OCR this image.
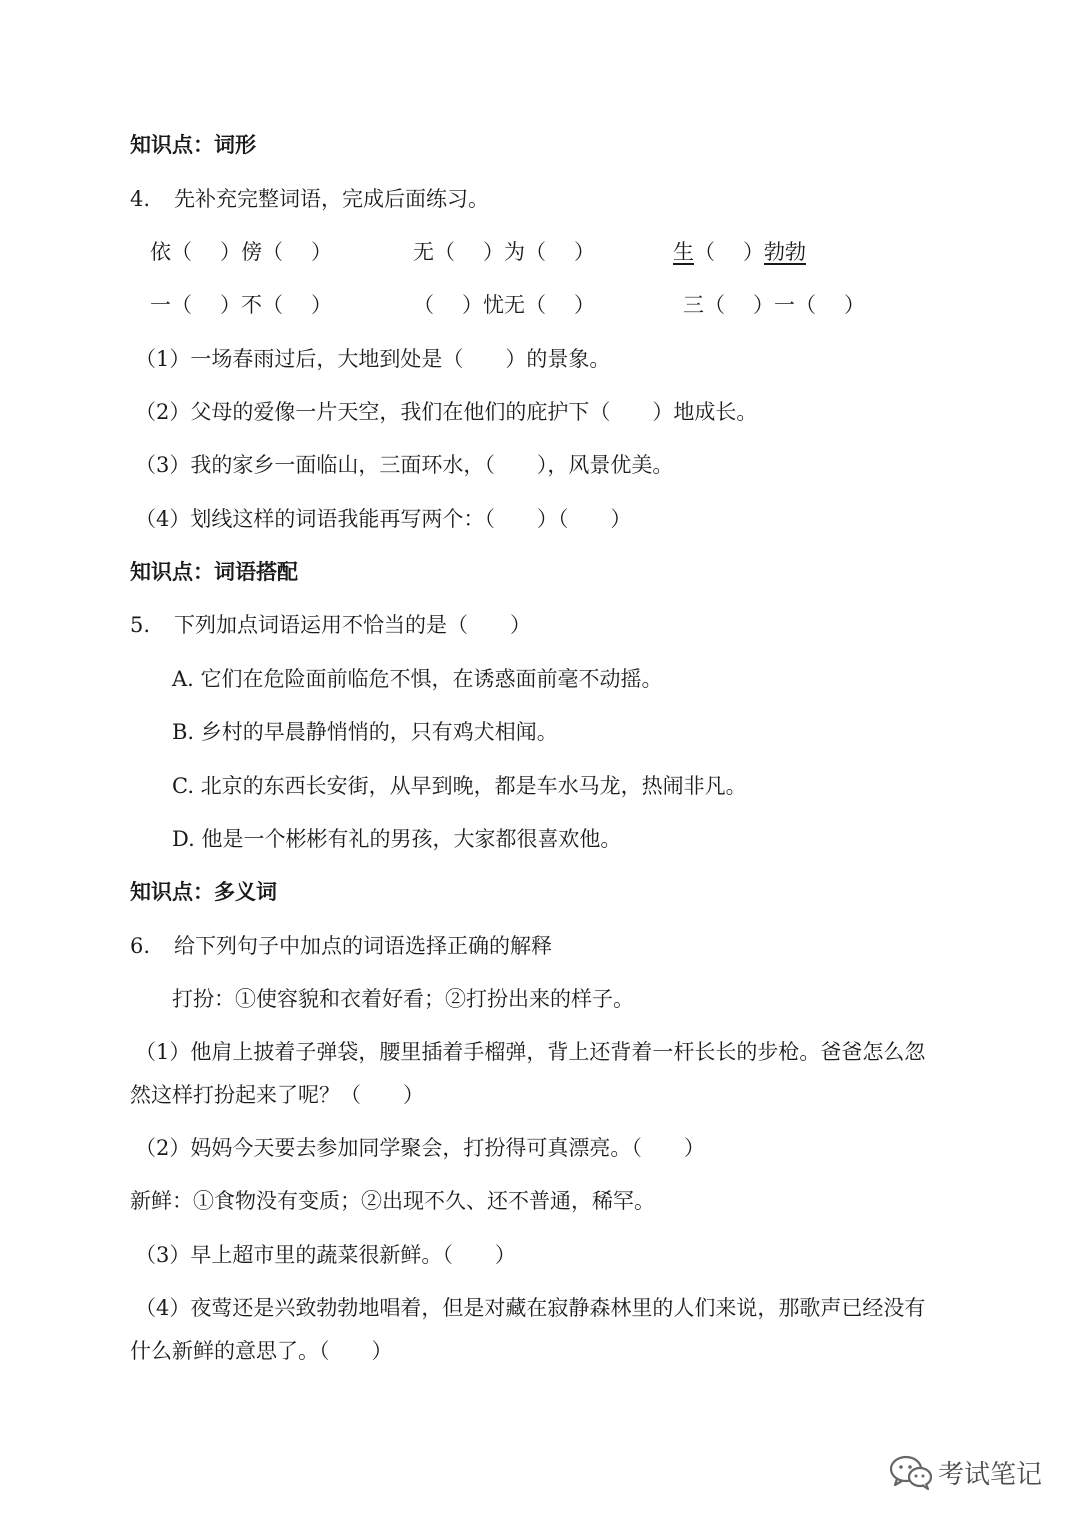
知识点：词形
4. 先补充完整词语，完成后面练习。
依（ ）傍（ ）	无（ ）为（ ）	生（ ）勃勃
一（ ）不（ ）	（ ）忧无（ ）	三（ ）一（ ）
（1）一场春雨过后，大地到处是（　　）的景象。
（2）父母的爱像一片天空，我们在他们的庇护下（　　）地成长。
（3）我的家乡一面临山，三面环水，（　　），风景优美。
（4）划线这样的词语我能再写两个：（　　）（　　）
知识点：词语搭配
5. 下列加点词语运用不恰当的是（　　）
A. 它们在危险面前临危不惧，在诱惑面前毫不动摇。
B. 乡村的早晨静悄悄的，只有鸡犬相闻。
C. 北京的东西长安街，从早到晚，都是车水马龙，热闹非凡。
D. 他是一个彬彬有礼的男孩，大家都很喜欢他。
知识点：多义词
6. 给下列句子中加点的词语选择正确的解释
打扮：①使容貌和衣着好看；②打扮出来的样子。
（1）他肩上披着子弹袋，腰里插着手榴弹，背上还背着一杆长长的步枪。爸爸怎么忽
然这样打扮起来了呢？（　　）
（2）妈妈今天要去参加同学聚会，打扮得可真漂亮。（　　）
新鲜：①食物没有变质；②出现不久、还不普通，稀罕。
（3）早上超市里的蔬菜很新鲜。（　　）
（4）夜莺还是兴致勃勃地唱着，但是对藏在寂静森林里的人们来说，那歌声已经没有
什么新鲜的意思了。（　　）
考试笔记
